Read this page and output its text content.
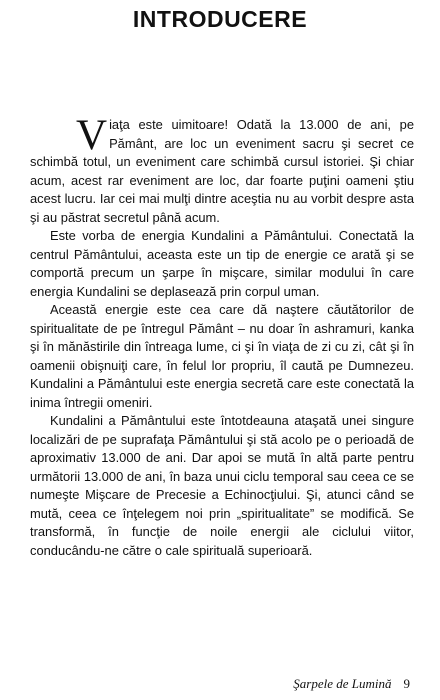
INTRODUCERE

Viaţa este uimitoare! Odată la 13.000 de ani, pe Pământ, are loc un eveniment sacru şi secret ce schimbă totul, un eveniment care schimbă cursul istoriei. Şi chiar acum, acest rar eveniment are loc, dar foarte puţini oameni ştiu acest lucru. Iar cei mai mulţi dintre aceştia nu au vorbit despre asta şi au păstrat secretul până acum.

Este vorba de energia Kundalini a Pământului. Conectată la centrul Pământului, aceasta este un tip de energie ce arată şi se comportă precum un şarpe în mişcare, similar modului în care energia Kundalini se deplasează prin corpul uman.

Această energie este cea care dă naştere căutătorilor de spiritualitate de pe întregul Pământ – nu doar în ashramuri, kanka şi în mănăstirile din întreaga lume, ci şi în viaţa de zi cu zi, cât şi în oamenii obişnuiţi care, în felul lor propriu, îl caută pe Dumnezeu. Kundalini a Pământului este energia secretă care este conectată la inima întregii omeniri.

Kundalini a Pământului este întotdeauna ataşată unei singure localizări de pe suprafaţa Pământului şi stă acolo pe o perioadă de aproximativ 13.000 de ani. Dar apoi se mută în altă parte pentru următorii 13.000 de ani, în baza unui ciclu temporal sau ceea ce se numeşte Mişcare de Precesie a Echinocţiului. Şi, atunci când se mută, ceea ce înţelegem noi prin „spiritualitate” se modifică. Se transformă, în funcţie de noile energii ale ciclului viitor, conducându-ne către o cale spirituală superioară.

Şarpele de Lumină 9
